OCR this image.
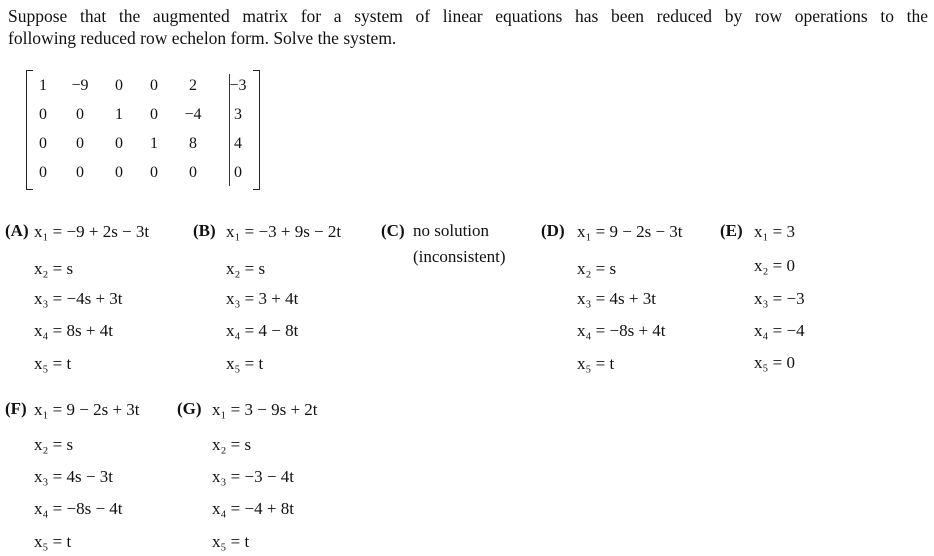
Suppose that the augmented matrix for a system of linear equations has been reduced by row operations to the
following reduced row echelon form. Solve the system.
1	−9	0	0	2	−3
0	0	1	0	−4	3
0	0	0	1	8	4
0	0	0	0	0	0
(A) x₁ = −9 + 2s − 3t
x₂ = s
x₃ = −4s + 3t
x₄ = 8s + 4t
x₅ = t
(B) x₁ = −3 + 9s − 2t
x₂ = s
x₃ = 3 + 4t
x₄ = 4 − 8t
x₅ = t
(C) no solution
(inconsistent)
(D) x₁ = 9 − 2s − 3t
x₂ = s
x₃ = 4s + 3t
x₄ = −8s + 4t
x₅ = t
(E) x₁ = 3
x₂ = 0
x₃ = −3
x₄ = −4
x₅ = 0
(F) x₁ = 9 − 2s + 3t
x₂ = s
x₃ = 4s − 3t
x₄ = −8s − 4t
x₅ = t
(G) x₁ = 3 − 9s + 2t
x₂ = s
x₃ = −3 − 4t
x₄ = −4 + 8t
x₅ = t
